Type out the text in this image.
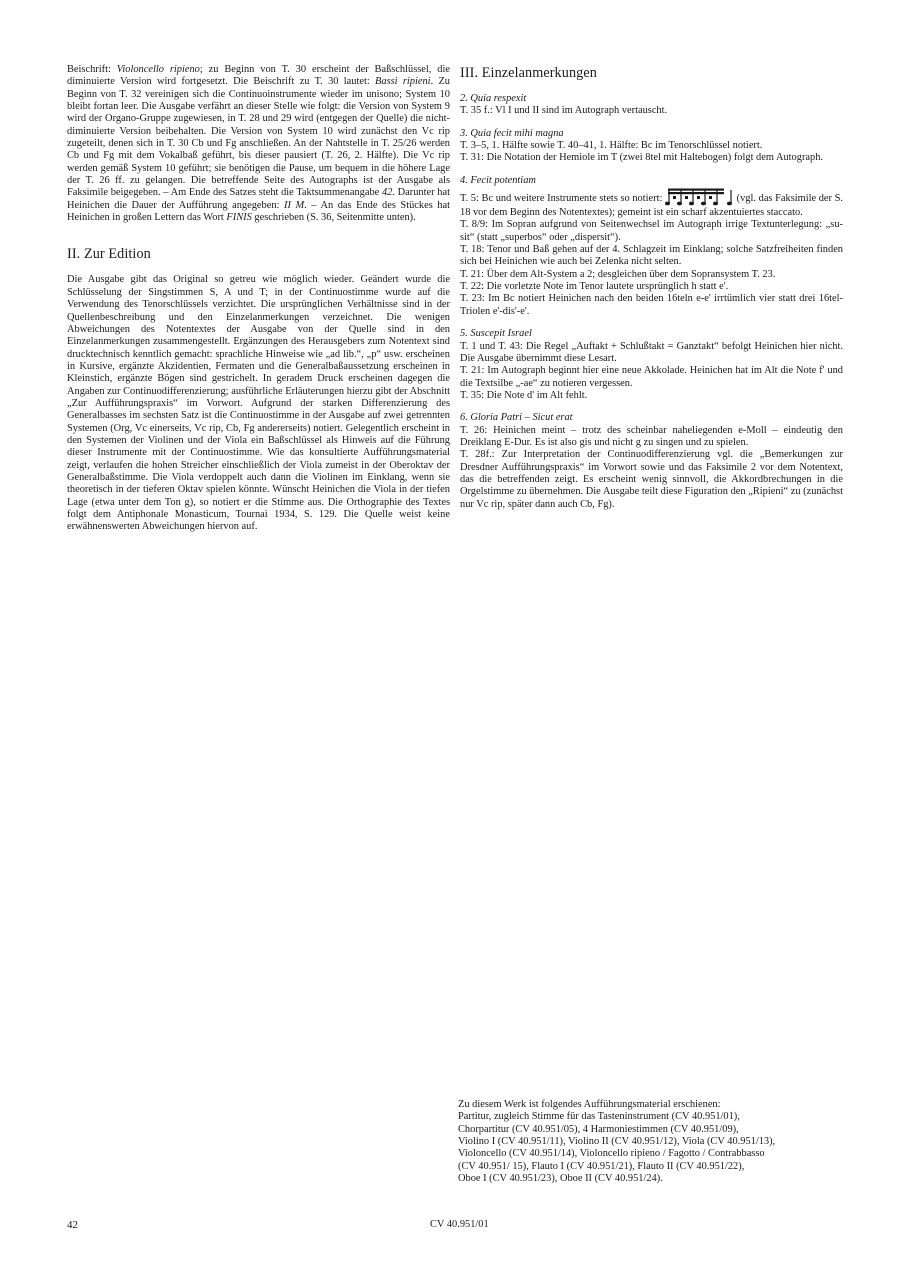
Beischrift: Violoncello ripieno; zu Beginn von T. 30 erscheint der Baßschlüssel, die diminuierte Version wird fortgesetzt. Die Beischrift zu T. 30 lautet: Bassi ripieni. Zu Beginn von T. 32 vereinigen sich die Continuoinstrumente wieder im unisono; System 10 bleibt fortan leer. Die Ausgabe verfährt an dieser Stelle wie folgt: die Version von System 9 wird der Organo-Gruppe zugewiesen, in T. 28 und 29 wird (entgegen der Quelle) die nicht-diminuierte Version beibehalten. Die Version von System 10 wird zunächst den Vc rip zugeteilt, denen sich in T. 30 Cb und Fg anschließen. An der Nahtstelle in T. 25/26 werden Cb und Fg mit dem Vokalbaß geführt, bis dieser pausiert (T. 26, 2. Hälfte). Die Vc rip werden gemäß System 10 geführt; sie benötigen die Pause, um bequem in die höhere Lage der T. 26 ff. zu gelangen. Die betreffende Seite des Autographs ist der Ausgabe als Faksimile beigegeben. – Am Ende des Satzes steht die Taktsummenangabe 42. Darunter hat Heinichen die Dauer der Aufführung angegeben: II M. – An das Ende des Stückes hat Heinichen in großen Lettern das Wort FINIS geschrieben (S. 36, Seitenmitte unten).

II. Zur Edition

Die Ausgabe gibt das Original so getreu wie möglich wieder. Geändert wurde die Schlüsselung der Singstimmen S, A und T; in der Continuostimme wurde auf die Verwendung des Tenorschlüssels verzichtet. Die ursprünglichen Verhältnisse sind in der Quellenbeschreibung und den Einzelanmerkungen verzeichnet. Die wenigen Abweichungen des Notentextes der Ausgabe von der Quelle sind in den Einzelanmerkungen zusammengestellt. Ergänzungen des Herausgebers zum Notentext sind drucktechnisch kenntlich gemacht: sprachliche Hinweise wie „ad lib.“, „p“ usw. erscheinen in Kursive, ergänzte Akzidentien, Fermaten und die Generalbaßaussetzung erscheinen in Kleinstich, ergänzte Bögen sind gestrichelt. In geradem Druck erscheinen dagegen die Angaben zur Continuodifferenzierung; ausführliche Erläuterungen hierzu gibt der Abschnitt „Zur Aufführungspraxis“ im Vorwort. Aufgrund der starken Differenzierung des Generalbasses im sechsten Satz ist die Continuostimme in der Ausgabe auf zwei getrennten Systemen (Org, Vc einerseits, Vc rip, Cb, Fg andererseits) notiert. Gelegentlich erscheint in den Systemen der Violinen und der Viola ein Baßschlüssel als Hinweis auf die Führung dieser Instrumente mit der Continuostimme. Wie das konsultierte Aufführungsmaterial zeigt, verlaufen die hohen Streicher einschließlich der Viola zumeist in der Oberoktav der Generalbaßstimme. Die Viola verdoppelt auch dann die Violinen im Einklang, wenn sie theoretisch in der tieferen Oktav spielen könnte. Wünscht Heinichen die Viola in der tiefen Lage (etwa unter dem Ton g), so notiert er die Stimme aus. Die Orthographie des Textes folgt dem Antiphonale Monasticum, Tournai 1934, S. 129. Die Quelle weist keine erwähnenswerten Abweichungen hiervon auf.

III. Einzelanmerkungen

2. Quia respexit

T. 35 f.: Vl I und II sind im Autograph vertauscht.

3. Quia fecit mihi magna

T. 3–5, 1. Hälfte sowie T. 40–41, 1. Hälfte: Bc im Tenorschlüssel notiert.

T. 31: Die Notation der Hemiole im T (zwei 8tel mit Haltebogen) folgt dem Autograph.

4. Fecit potentiam

T. 5: Bc und weitere Instrumente stets so notiert:	(vgl. das Faksimile der S. 18 vor dem Beginn des Notentextes); gemeint ist ein scharf akzentuiertes staccato.

T. 8/9: Im Sopran aufgrund von Seitenwechsel im Autograph irrige Textunterlegung: „su-sit“ (statt „superbos“ oder „dispersit“).

T. 18: Tenor und Baß gehen auf der 4. Schlagzeit im Einklang; solche Satzfreiheiten finden sich bei Heinichen wie auch bei Zelenka nicht selten.

T. 21: Über dem Alt-System a 2; desgleichen über dem Sopransystem T. 23.

T. 22: Die vorletzte Note im Tenor lautete ursprünglich h statt e'.

T. 23: Im Bc notiert Heinichen nach den beiden 16teln e-e' irrtümlich vier statt drei 16tel-Triolen e'-dis'-e'.

5. Suscepit Israel

T. 1 und T. 43: Die Regel „Auftakt + Schlußtakt = Ganztakt“ befolgt Heinichen hier nicht. Die Ausgabe übernimmt diese Lesart.

T. 21: Im Autograph beginnt hier eine neue Akkolade. Heinichen hat im Alt die Note f' und die Textsilbe „-ae“ zu notieren vergessen.

T. 35: Die Note d' im Alt fehlt.

6. Gloria Patri – Sicut erat

T. 26: Heinichen meint – trotz des scheinbar naheliegenden e-Moll – eindeutig den Dreiklang E-Dur. Es ist also gis und nicht g zu singen und zu spielen.

T. 28f.: Zur Interpretation der Continuodifferenzierung vgl. die „Bemerkungen zur Dresdner Aufführungspraxis“ im Vorwort sowie und das Faksimile 2 vor dem Notentext, das die betreffenden zeigt. Es erscheint wenig sinnvoll, die Akkordbrechungen in die Orgelstimme zu übernehmen. Die Ausgabe teilt diese Figuration den „Ripieni“ zu (zunächst nur Vc rip, später dann auch Cb, Fg).

Zu diesem Werk ist folgendes Aufführungsmaterial erschienen:

Partitur, zugleich Stimme für das Tasteninstrument (CV 40.951/01),

Chorpartitur (CV 40.951/05), 4 Harmoniestimmen (CV 40.951/09),

Violino I (CV 40.951/11), Violino II (CV 40.951/12), Viola (CV 40.951/13),

Violoncello (CV 40.951/14), Violoncello ripieno / Fagotto / Contrabbasso

(CV 40.951/ 15), Flauto I (CV 40.951/21), Flauto II (CV 40.951/22),

Oboe I (CV 40.951/23), Oboe II (CV 40.951/24).

42	CV 40.951/01
